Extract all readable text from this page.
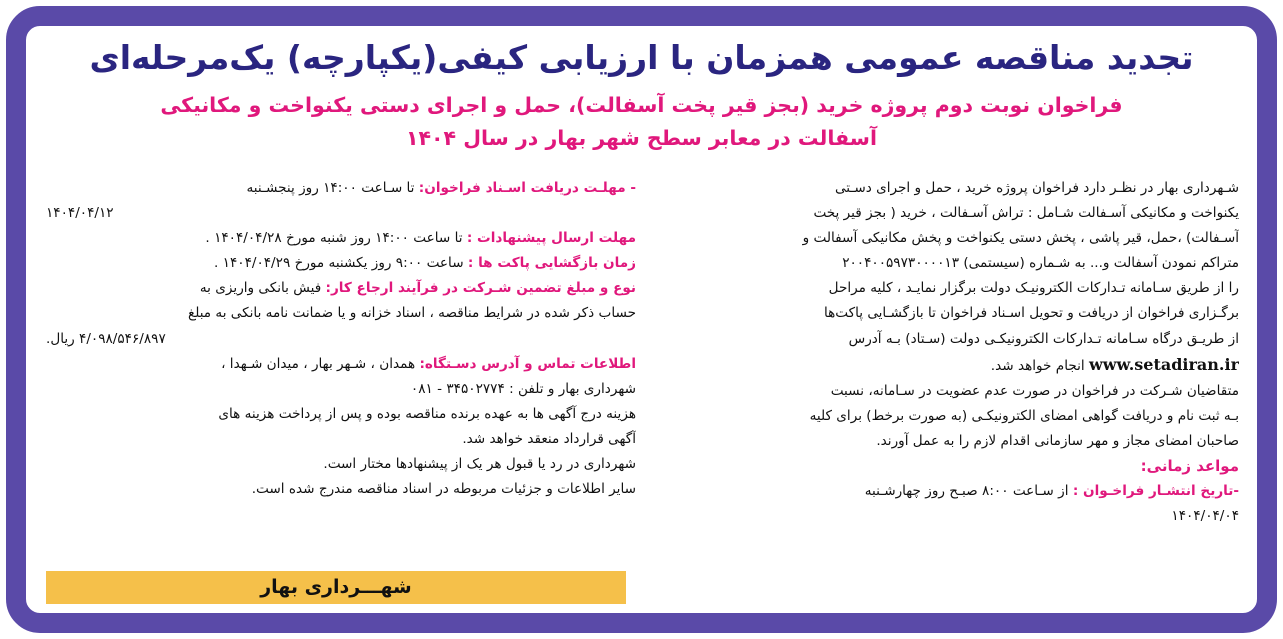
تجدید مناقصه عمومی همزمان با ارزیابی کیفی(یکپارچه) یک‌مرحله‌ای
فراخوان نوبت دوم پروژه خرید (بجز قیر پخت آسفالت)، حمل و اجرای دستی یکنواخت و مکانیکی
آسفالت در معابر سطح شهر بهار در سال ۱۴۰۴
شـهرداری بهار در نظـر دارد فراخوان پروژه خرید ، حمل و اجرای دسـتی
یکنواخت و مکانیکی آسـفالت شـامل : تراش آسـفالت ، خرید ( بجز قیر پخت
آسـفالت) ،حمل، قیر پاشی ، پخش دستی یکنواخت و پخش مکانیکی آسفالت و
متراکم نمودن آسفالت و... به شـماره (سیستمی) ۲۰۰۴۰۰۵۹۷۳۰۰۰۰۱۳
را از طریق سـامانه تـدارکات الکترونیـک دولت برگزار نمایـد ، کلیه مراحل
برگـزاری فراخوان از دریافت و تحویل اسـناد فراخوان تا بازگشـایی پاکت‌ها
از طریـق درگاه سـامانه تـدارکات الکترونیکـی دولت (سـتاد) بـه آدرس
www.setadiran.ir انجام خواهد شد.
متقاضیان شـرکت در فراخوان در صورت عدم عضویت در سـامانه، نسبت
بـه ثبت نام و دریافت گواهی امضای الکترونیکـی (به صورت برخط) برای کلیه
صاحبان امضای مجاز و مهر سازمانی اقدام لازم را به عمل آورند.
مواعد زمانی:
-تاریخ انتشـار فراخـوان : از سـاعت ۸:۰۰ صبـح روز چهارشـنبه
۱۴۰۴/۰۴/۰۴
- مهلـت دریافت اسـناد فراخوان: تا سـاعت ۱۴:۰۰ روز پنجشـنبه
۱۴۰۴/۰۴/۱۲
مهلت ارسال پیشنهادات : تا ساعت ۱۴:۰۰ روز شنبه مورخ ۱۴۰۴/۰۴/۲۸ .
زمان بازگشایی پاکت ها : ساعت ۹:۰۰ روز یکشنبه مورخ ۱۴۰۴/۰۴/۲۹ .
نوع و مبلغ تضمین شـرکت در فرآیند ارجاع کار: فیش بانکی واریزی به
حساب ذکر شده در شرایط مناقصه ، اسناد خزانه و یا ضمانت نامه بانکی به مبلغ
۴/۰۹۸/۵۴۶/۸۹۷ ریال.
اطلاعات تماس و آدرس دسـتگاه: همدان ، شـهر بهار ، میدان شـهدا ،
شهرداری بهار و تلفن : ۳۴۵۰۲۷۷۴ - ۰۸۱
هزینه درج آگهی ها به عهده برنده مناقصه بوده و پس از پرداخت هزینه های
آگهی قرارداد منعقد خواهد شد.
شهرداری در رد یا قبول هر یک از پیشنهادها مختار است.
سایر اطلاعات و جزئیات مربوطه در اسناد مناقصه مندرج شده است.
شهـــرداری بهار
